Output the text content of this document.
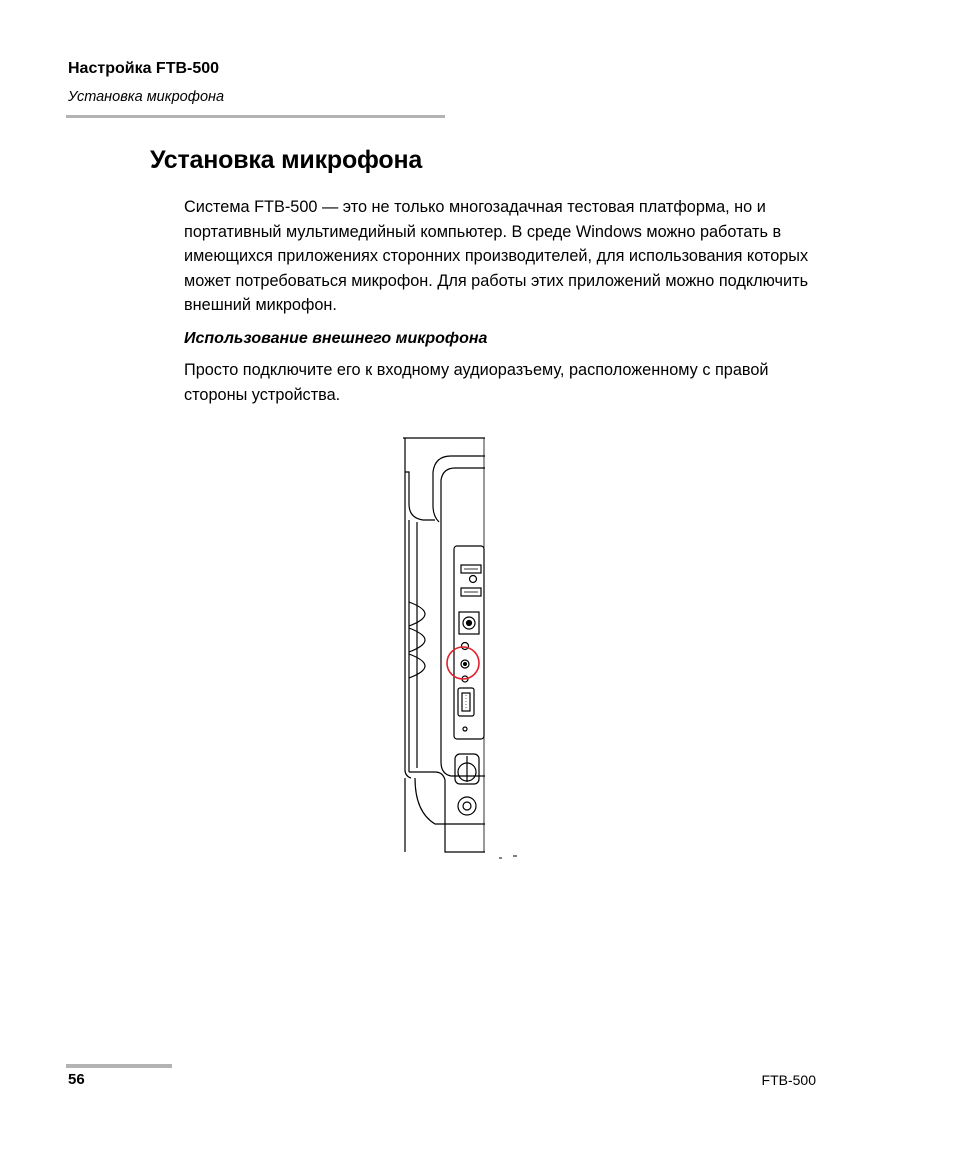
Настройка FTB-500
Установка микрофона
Установка микрофона

Система FTB-500 — это не только многозадачная тестовая платформа, но и портативный мультимедийный компьютер. В среде Windows можно работать в имеющихся приложениях сторонних производителей, для использования которых может потребоваться микрофон. Для работы этих приложений можно подключить внешний микрофон.

Использование внешнего микрофона

Просто подключите его к входному аудиоразъему, расположенному с правой стороны устройства.

56	FTB-500
